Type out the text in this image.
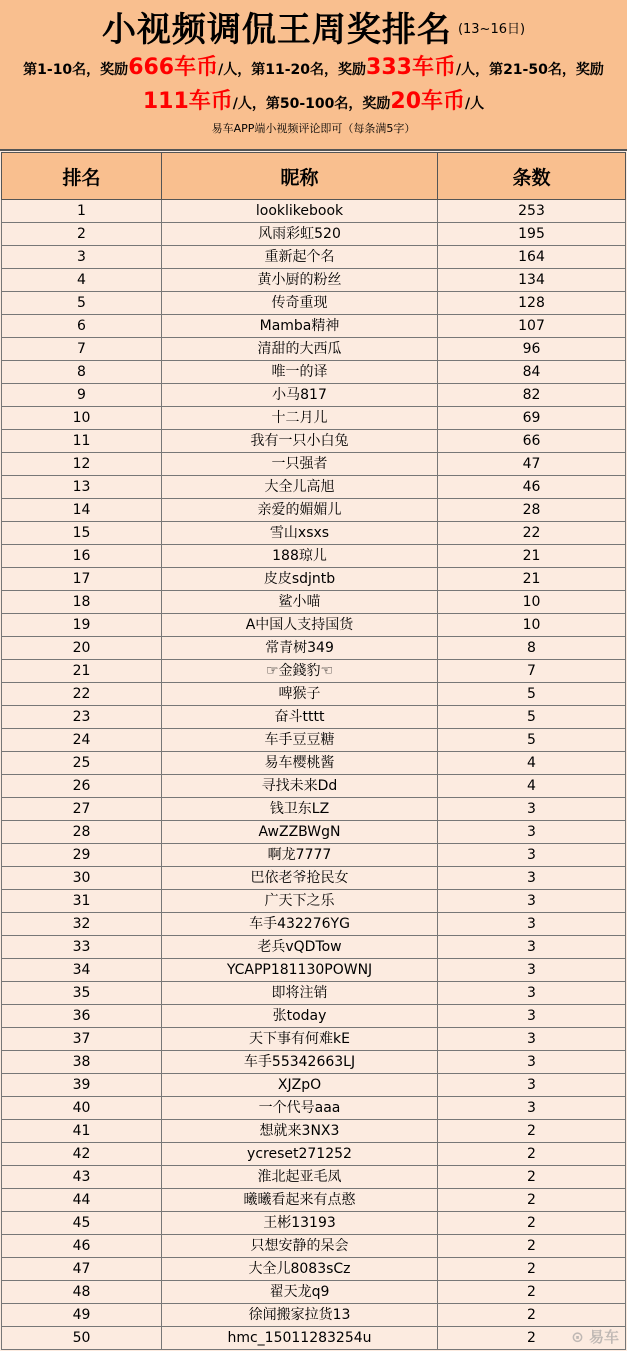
小视频调侃王周奖排名 $^{(13\sim 16日)}$
第1-10名，奖励666车币/人，第11-20名，奖励333车币/人，第21-50名，奖励
111车币/人，第50-100名，奖励20车币/人
易车APP端小视频评论即可（每条满5字）
排名	昵称	条数
1	looklikebook	253
2	风雨彩虹520	195
3	重新起个名	164
4	黄小厨的粉丝	134
5	传奇重现	128
6	Mamba精神	107
7	清甜的大西瓜	96
8	唯一的译	84
9	小马817	82
10	十二月儿	69
11	我有一只小白兔	66
12	一只强者	47
13	大全儿高旭	46
14	亲爱的媚媚儿	28
15	雪山xsxs	22
16	188琼儿	21
17	皮皮sdjntb	21
18	鲨小喵	10
19	A中国人支持国货	10
20	常青树349	8
21	☞金錢豹☜	7
22	啤猴子	5
23	奋斗tttt	5
24	车手豆豆糖	5
25	易车樱桃酱	4
26	寻找未来Dd	4
27	钱卫东LZ	3
28	AwZZBWgN	3
29	啊龙7777	3
30	巴依老爷抢民女	3
31	广天下之乐	3
32	车手432276YG	3
33	老兵vQDTow	3
34	YCAPP181130POWNJ	3
35	即将注销	3
36	张today	3
37	天下事有何难kE	3
38	车手55342663LJ	3
39	XJZpO	3
40	一个代号aaa	3
41	想就来3NX3	2
42	ycreset271252	2
43	淮北起亚毛凤	2
44	曦曦看起来有点憨	2
45	王彬13193	2
46	只想安静的呆会	2
47	大全儿8083sCz	2
48	翟天龙q9	2
49	徐闻搬家拉货13	2
50	hmc_15011283254u	2 ⊙ 易车
